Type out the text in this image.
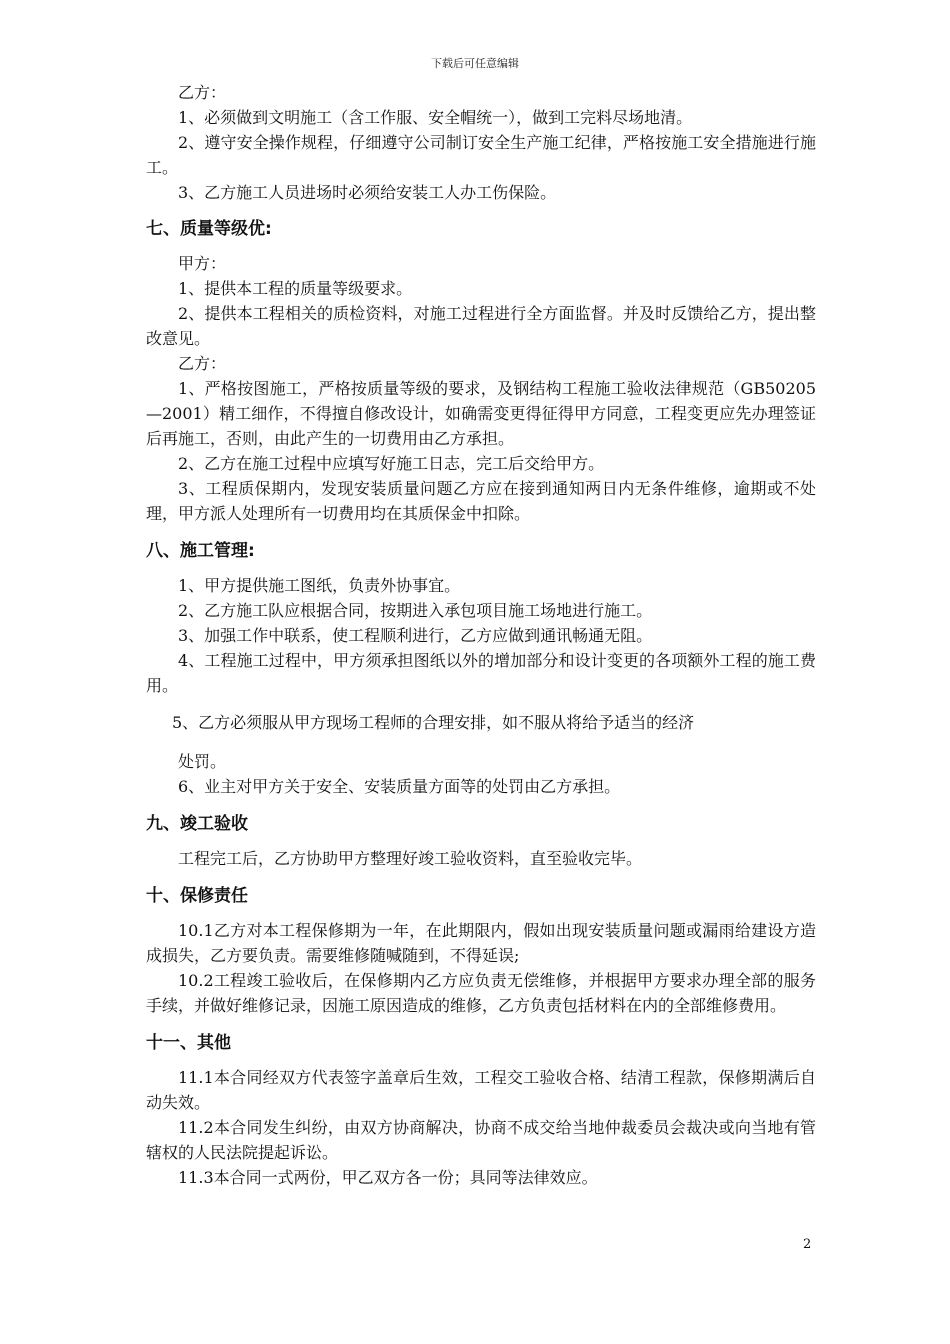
下载后可任意编辑

乙方：

1、必须做到文明施工（含工作服、安全帽统一），做到工完料尽场地清。

2、遵守安全操作规程，仔细遵守公司制订安全生产施工纪律，严格按施工安全措施进行施工。

3、乙方施工人员进场时必须给安装工人办工伤保险。

七、质量等级优:

甲方：

1、提供本工程的质量等级要求。

2、提供本工程相关的质检资料，对施工过程进行全方面监督。并及时反馈给乙方，提出整改意见。

乙方：

1、严格按图施工，严格按质量等级的要求，及钢结构工程施工验收法律规范（GB50205—2001）精工细作，不得擅自修改设计，如确需变更得征得甲方同意，工程变更应先办理签证后再施工，否则，由此产生的一切费用由乙方承担。

2、乙方在施工过程中应填写好施工日志，完工后交给甲方。

3、工程质保期内，发现安装质量问题乙方应在接到通知两日内无条件维修，逾期或不处理，甲方派人处理所有一切费用均在其质保金中扣除。

八、施工管理:

1、甲方提供施工图纸，负责外协事宜。

2、乙方施工队应根据合同，按期进入承包项目施工场地进行施工。

3、加强工作中联系，使工程顺利进行，乙方应做到通讯畅通无阻。

4、工程施工过程中，甲方须承担图纸以外的增加部分和设计变更的各项额外工程的施工费用。

5、乙方必须服从甲方现场工程师的合理安排，如不服从将给予适当的经济

处罚。

6、业主对甲方关于安全、安装质量方面等的处罚由乙方承担。

九、竣工验收

工程完工后，乙方协助甲方整理好竣工验收资料，直至验收完毕。

十、保修责任

10.1乙方对本工程保修期为一年，在此期限内，假如出现安装质量问题或漏雨给建设方造成损失，乙方要负责。需要维修随喊随到，不得延误;

10.2工程竣工验收后，在保修期内乙方应负责无偿维修，并根据甲方要求办理全部的服务手续，并做好维修记录，因施工原因造成的维修，乙方负责包括材料在内的全部维修费用。

十一、其他

11.1本合同经双方代表签字盖章后生效，工程交工验收合格、结清工程款，保修期满后自动失效。

11.2本合同发生纠纷，由双方协商解决，协商不成交给当地仲裁委员会裁决或向当地有管辖权的人民法院提起诉讼。

11.3本合同一式两份，甲乙双方各一份；具同等法律效应。

2
